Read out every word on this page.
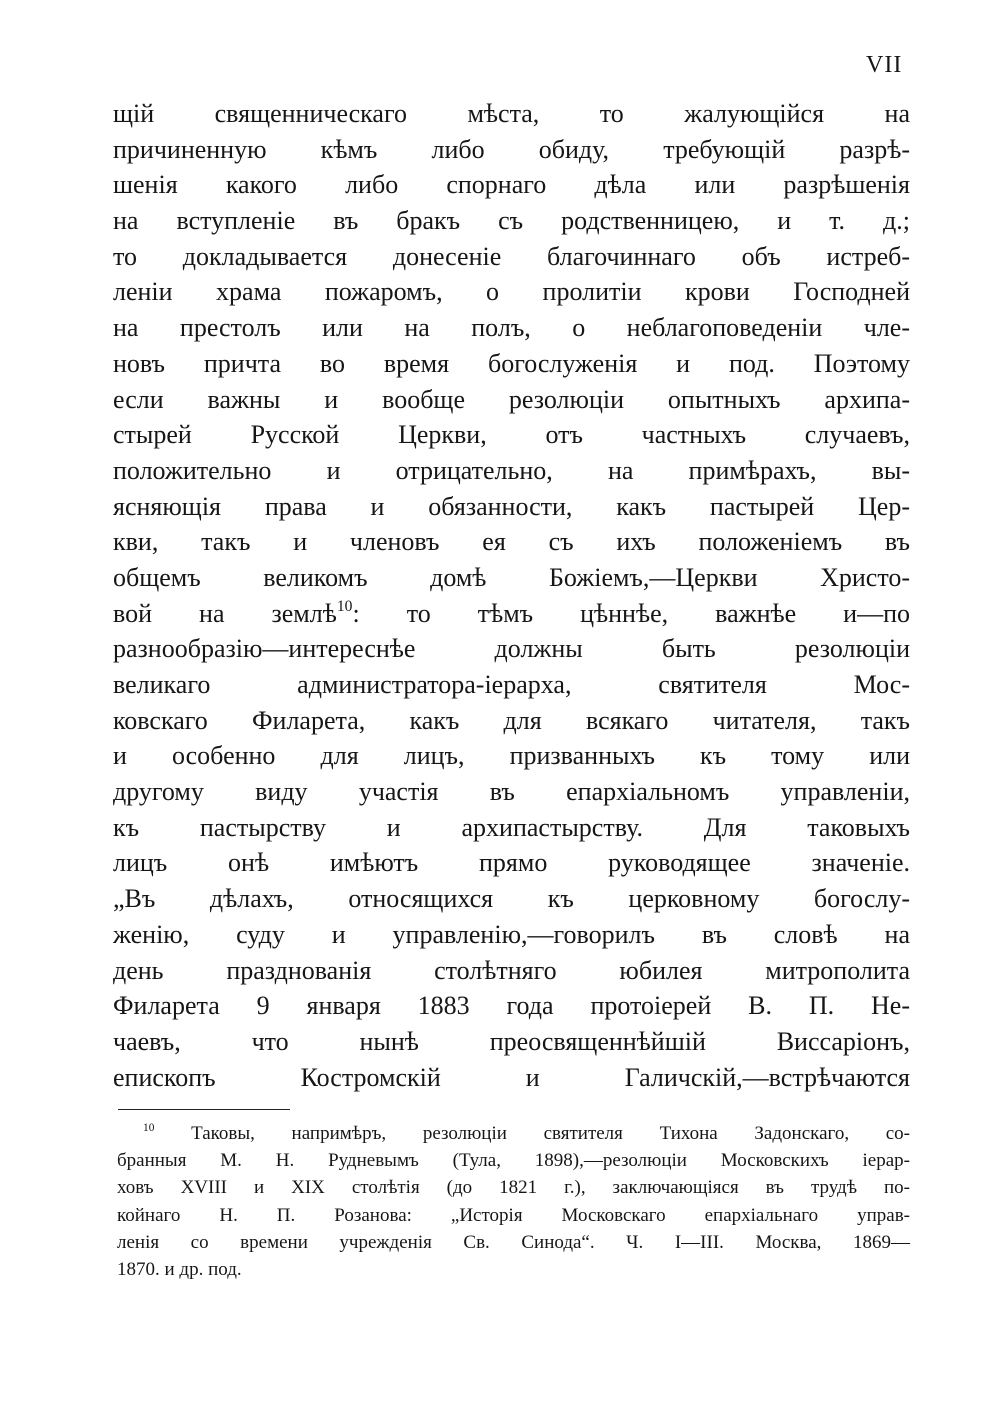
VII
щій священническаго мѣста, то жалующійся на
причиненную кѣмъ либо обиду, требующій разрѣ-
шенія какого либо спорнаго дѣла или разрѣшенія
на вступленіе въ бракъ съ родственницею, и т. д.;
то докладывается донесеніе благочиннаго объ истреб-
леніи храма пожаромъ, о пролитіи крови Господней
на престолъ или на полъ, о неблагоповеденіи чле-
новъ причта во время богослуженія и под. Поэтому
если важны и вообще резолюціи опытныхъ архипа-
стырей Русской Церкви, отъ частныхъ случаевъ,
положительно и отрицательно, на примѣрахъ, вы-
ясняющія права и обязанности, какъ пастырей Цер-
кви, такъ и членовъ ея съ ихъ положеніемъ въ
общемъ великомъ домѣ Божіемъ,—Церкви Христо-
вой на землѣ$^{10}$: то тѣмъ цѣннѣе, важнѣе и—по
разнообразію—интереснѣе должны быть резолюціи
великаго администратора-іерарха, святителя Мос-
ковскаго Филарета, какъ для всякаго читателя, такъ
и особенно для лицъ, призванныхъ къ тому или
другому виду участія въ епархіальномъ управленіи,
къ пастырству и архипастырству. Для таковыхъ
лицъ онѣ имѣютъ прямо руководящее значеніе.
„Въ дѣлахъ, относящихся къ церковному богослу-
женію, суду и управленію,—говорилъ въ словѣ на
день празднованія столѣтняго юбилея митрополита
Филарета 9 января 1883 года протоіерей В. П. Не-
чаевъ, что нынѣ преосвященнѣйшій Виссаріонъ,
епископъ Костромскій и Галичскій,—встрѣчаются
$^{10}$ Таковы, напримѣръ, резолюціи святителя Тихона Задонскаго, со-
бранныя М. Н. Рудневымъ (Тула, 1898),—резолюціи Московскихъ іерар-
ховъ XVIII и XIX столѣтія (до 1821 г.), заключающіяся въ трудѣ по-
койнаго Н. П. Розанова: „Исторія Московскаго епархіальнаго управ-
ленія со времени учрежденія Св. Синода“. Ч. I—III. Москва, 1869—
1870. и др. под.
